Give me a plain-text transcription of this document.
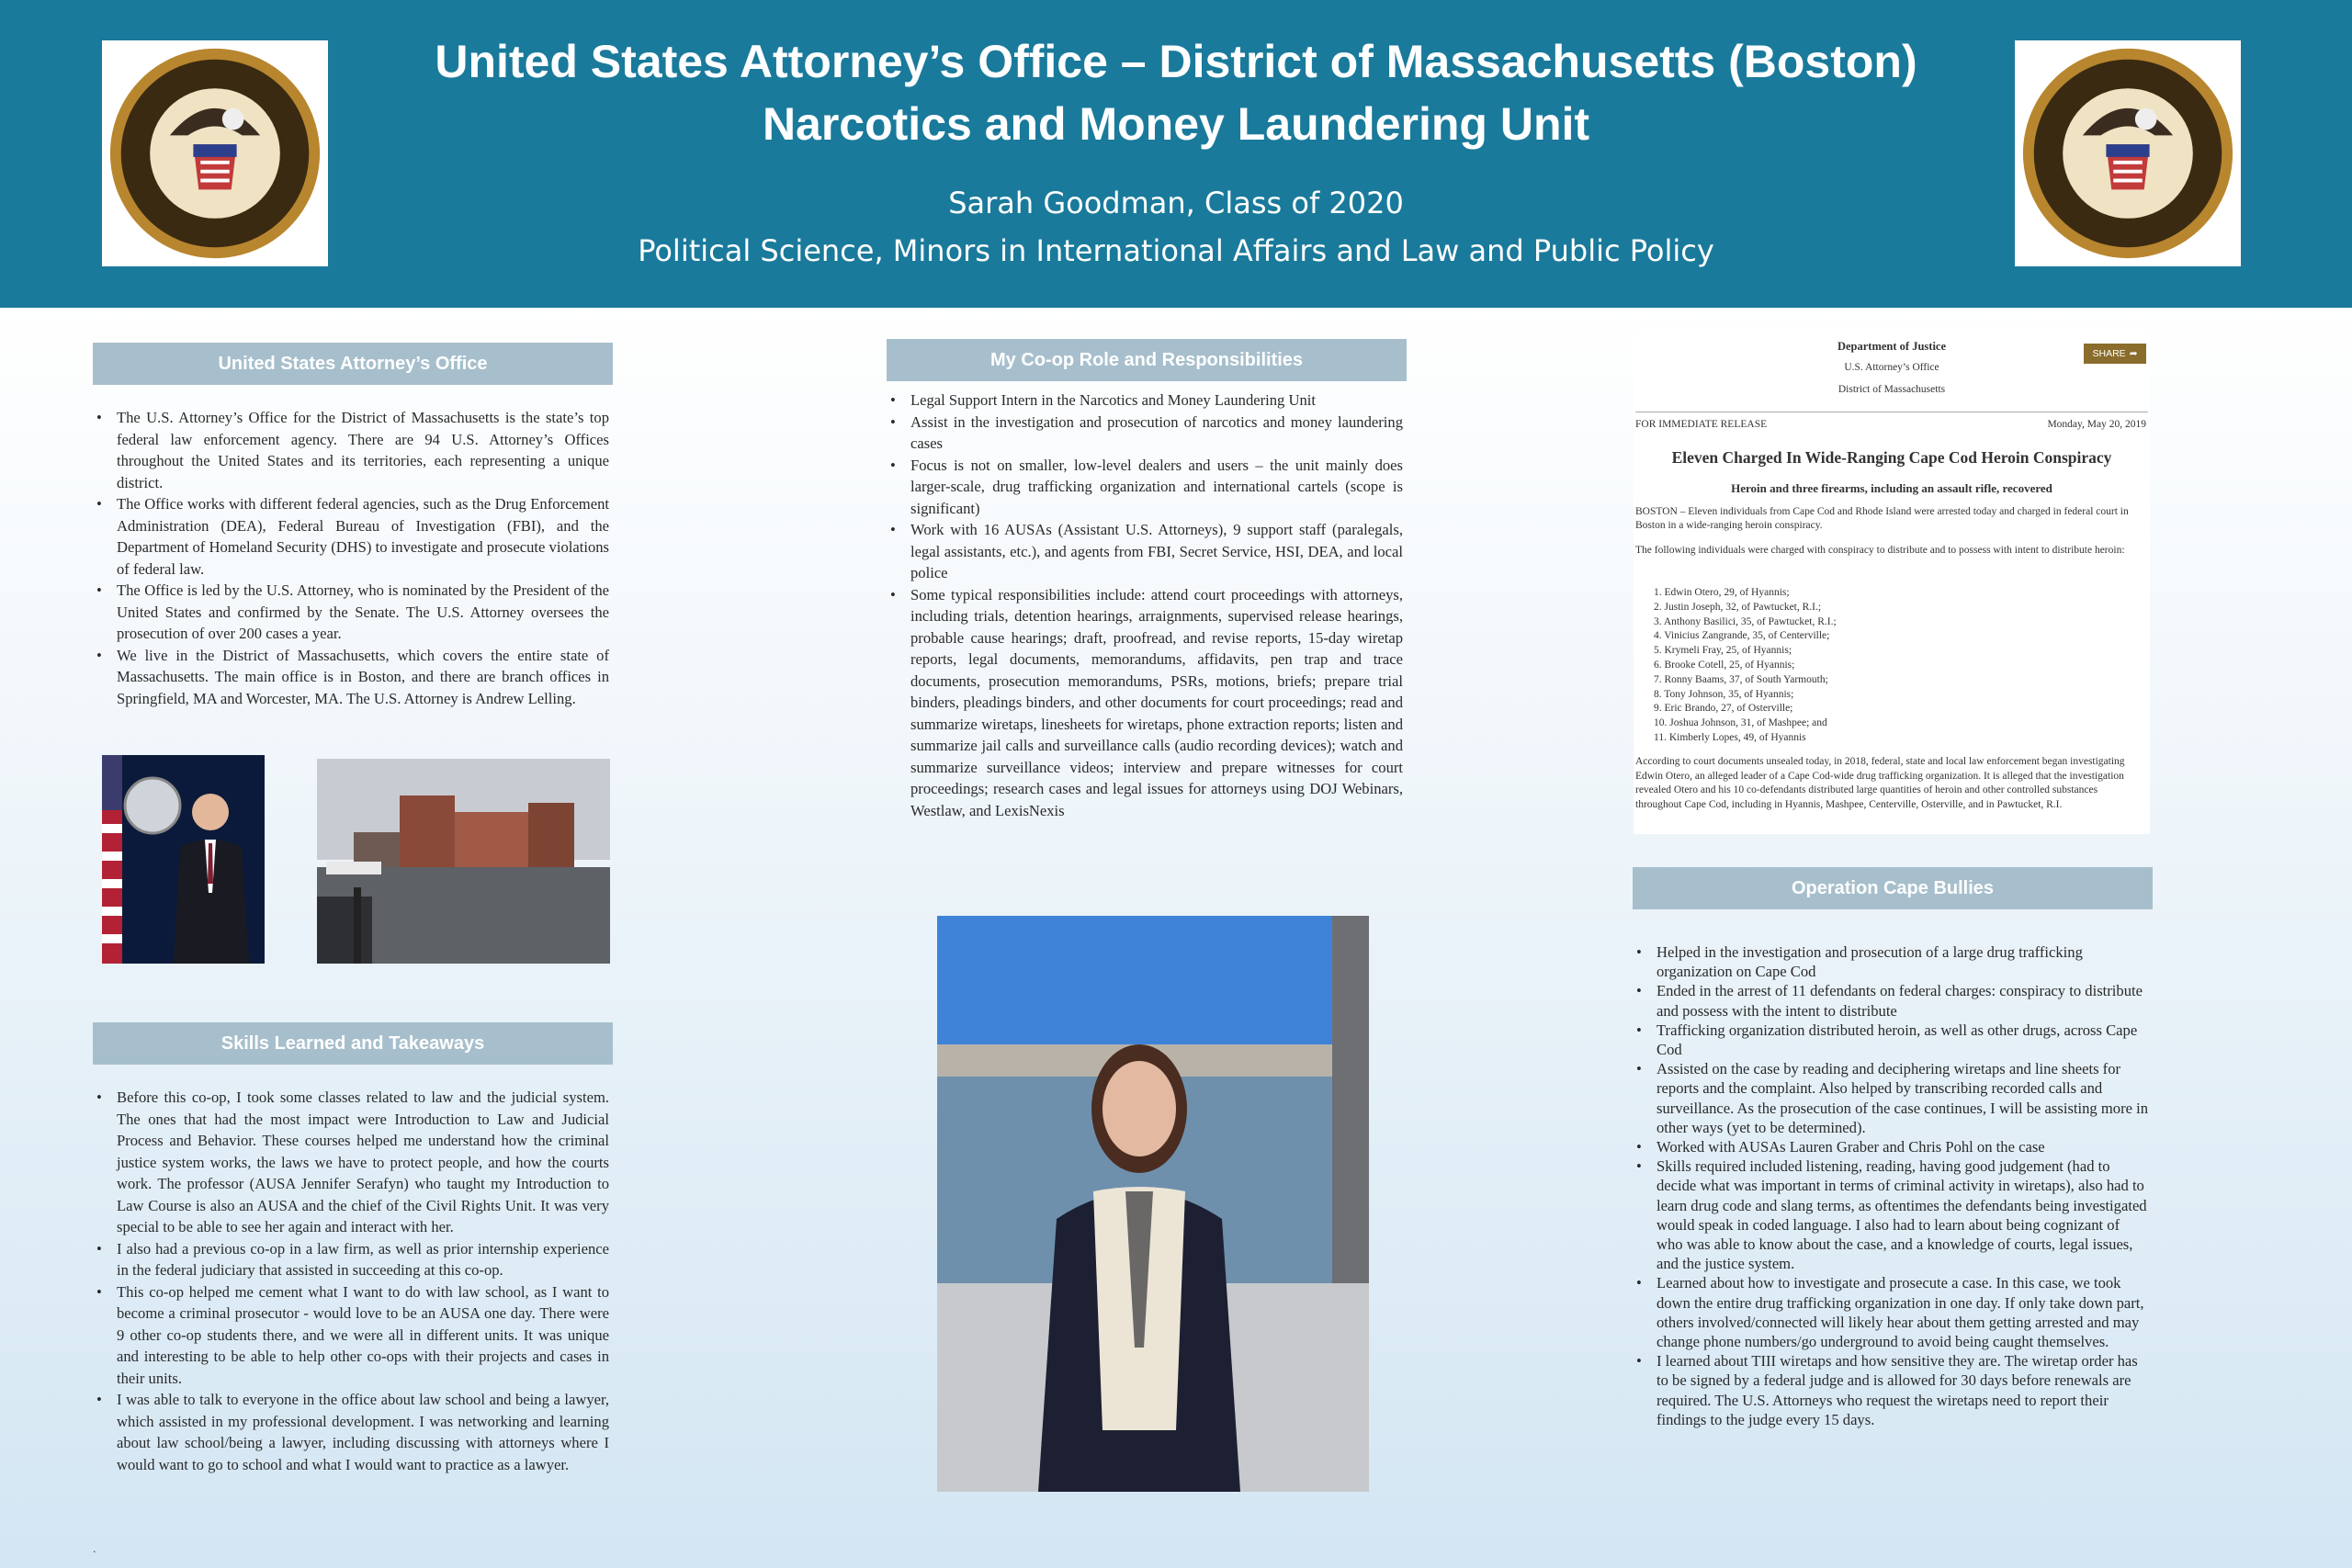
United States Attorney’s Office – District of Massachusetts (Boston)
Narcotics and Money Laundering Unit
Sarah Goodman, Class of 2020
Political Science, Minors in International Affairs and Law and Public Policy
United States Attorney’s Office
• The U.S. Attorney’s Office for the District of Massachusetts is the state’s top federal law enforcement agency. There are 94 U.S. Attorney’s Offices throughout the United States and its territories, each representing a unique district.
• The Office works with different federal agencies, such as the Drug Enforcement Administration (DEA), Federal Bureau of Investigation (FBI), and the Department of Homeland Security (DHS) to investigate and prosecute violations of federal law.
• The Office is led by the U.S. Attorney, who is nominated by the President of the United States and confirmed by the Senate. The U.S. Attorney oversees the prosecution of over 200 cases a year.
• We live in the District of Massachusetts, which covers the entire state of Massachusetts. The main office is in Boston, and there are branch offices in Springfield, MA and Worcester, MA. The U.S. Attorney is Andrew Lelling.
Skills Learned and Takeaways
• Before this co-op, I took some classes related to law and the judicial system. The ones that had the most impact were Introduction to Law and Judicial Process and Behavior. These courses helped me understand how the criminal justice system works, the laws we have to protect people, and how the courts work. The professor (AUSA Jennifer Serafyn) who taught my Introduction to Law Course is also an AUSA and the chief of the Civil Rights Unit. It was very special to be able to see her again and interact with her.
• I also had a previous co-op in a law firm, as well as prior internship experience in the federal judiciary that assisted in succeeding at this co-op.
• This co-op helped me cement what I want to do with law school, as I want to become a criminal prosecutor - would love to be an AUSA one day. There were 9 other co-op students there, and we were all in different units. It was unique and interesting to be able to help other co-ops with their projects and cases in their units.
• I was able to talk to everyone in the office about law school and being a lawyer, which assisted in my professional development. I was networking and learning about law school/being a lawyer, including discussing with attorneys where I would want to go to school and what I would want to practice as a lawyer.
.
My Co-op Role and Responsibilities
• Legal Support Intern in the Narcotics and Money Laundering Unit
• Assist in the investigation and prosecution of narcotics and money laundering cases
• Focus is not on smaller, low-level dealers and users – the unit mainly does larger-scale, drug trafficking organization and international cartels (scope is significant)
• Work with 16 AUSAs (Assistant U.S. Attorneys), 9 support staff (paralegals, legal assistants, etc.), and agents from FBI, Secret Service, HSI, DEA, and local police
• Some typical responsibilities include: attend court proceedings with attorneys, including trials, detention hearings, arraignments, supervised release hearings, probable cause hearings; draft, proofread, and revise reports, 15-day wiretap reports, legal documents, memorandums, affidavits, pen trap and trace documents, prosecution memorandums, PSRs, motions, briefs; prepare trial binders, pleadings binders, and other documents for court proceedings; read and summarize wiretaps, linesheets for wiretaps, phone extraction reports; listen and summarize jail calls and surveillance calls (audio recording devices); watch and summarize surveillance videos; interview and prepare witnesses for court proceedings; research cases and legal issues for attorneys using DOJ Webinars, Westlaw, and LexisNexis
Department of Justice
U.S. Attorney’s Office
District of Massachusetts
SHARE ➦
FOR IMMEDIATE RELEASE	Monday, May 20, 2019
Eleven Charged In Wide-Ranging Cape Cod Heroin Conspiracy
Heroin and three firearms, including an assault rifle, recovered
BOSTON – Eleven individuals from Cape Cod and Rhode Island were arrested today and charged in federal court in Boston in a wide-ranging heroin conspiracy.
The following individuals were charged with conspiracy to distribute and to possess with intent to distribute heroin:
1. Edwin Otero, 29, of Hyannis;
2. Justin Joseph, 32, of Pawtucket, R.I.;
3. Anthony Basilici, 35, of Pawtucket, R.I.;
4. Vinicius Zangrande, 35, of Centerville;
5. Krymeli Fray, 25, of Hyannis;
6. Brooke Cotell, 25, of Hyannis;
7. Ronny Baams, 37, of South Yarmouth;
8. Tony Johnson, 35, of Hyannis;
9. Eric Brando, 27, of Osterville;
10. Joshua Johnson, 31, of Mashpee; and
11. Kimberly Lopes, 49, of Hyannis
According to court documents unsealed today, in 2018, federal, state and local law enforcement began investigating Edwin Otero, an alleged leader of a Cape Cod-wide drug trafficking organization. It is alleged that the investigation revealed Otero and his 10 co-defendants distributed large quantities of heroin and other controlled substances throughout Cape Cod, including in Hyannis, Mashpee, Centerville, Osterville, and in Pawtucket, R.I.
Operation Cape Bullies
• Helped in the investigation and prosecution of a large drug trafficking organization on Cape Cod
• Ended in the arrest of 11 defendants on federal charges: conspiracy to distribute and possess with the intent to distribute
• Trafficking organization distributed heroin, as well as other drugs, across Cape Cod
• Assisted on the case by reading and deciphering wiretaps and line sheets for reports and the complaint. Also helped by transcribing recorded calls and surveillance. As the prosecution of the case continues, I will be assisting more in other ways (yet to be determined).
• Worked with AUSAs Lauren Graber and Chris Pohl on the case
• Skills required included listening, reading, having good judgement (had to decide what was important in terms of criminal activity in wiretaps), also had to learn drug code and slang terms, as oftentimes the defendants being investigated would speak in coded language. I also had to learn about being cognizant of who was able to know about the case, and a knowledge of courts, legal issues, and the justice system.
• Learned about how to investigate and prosecute a case. In this case, we took down the entire drug trafficking organization in one day. If only take down part, others involved/connected will likely hear about them getting arrested and may change phone numbers/go underground to avoid being caught themselves.
• I learned about TIII wiretaps and how sensitive they are. The wiretap order has to be signed by a federal judge and is allowed for 30 days before renewals are required. The U.S. Attorneys who request the wiretaps need to report their findings to the judge every 15 days.
